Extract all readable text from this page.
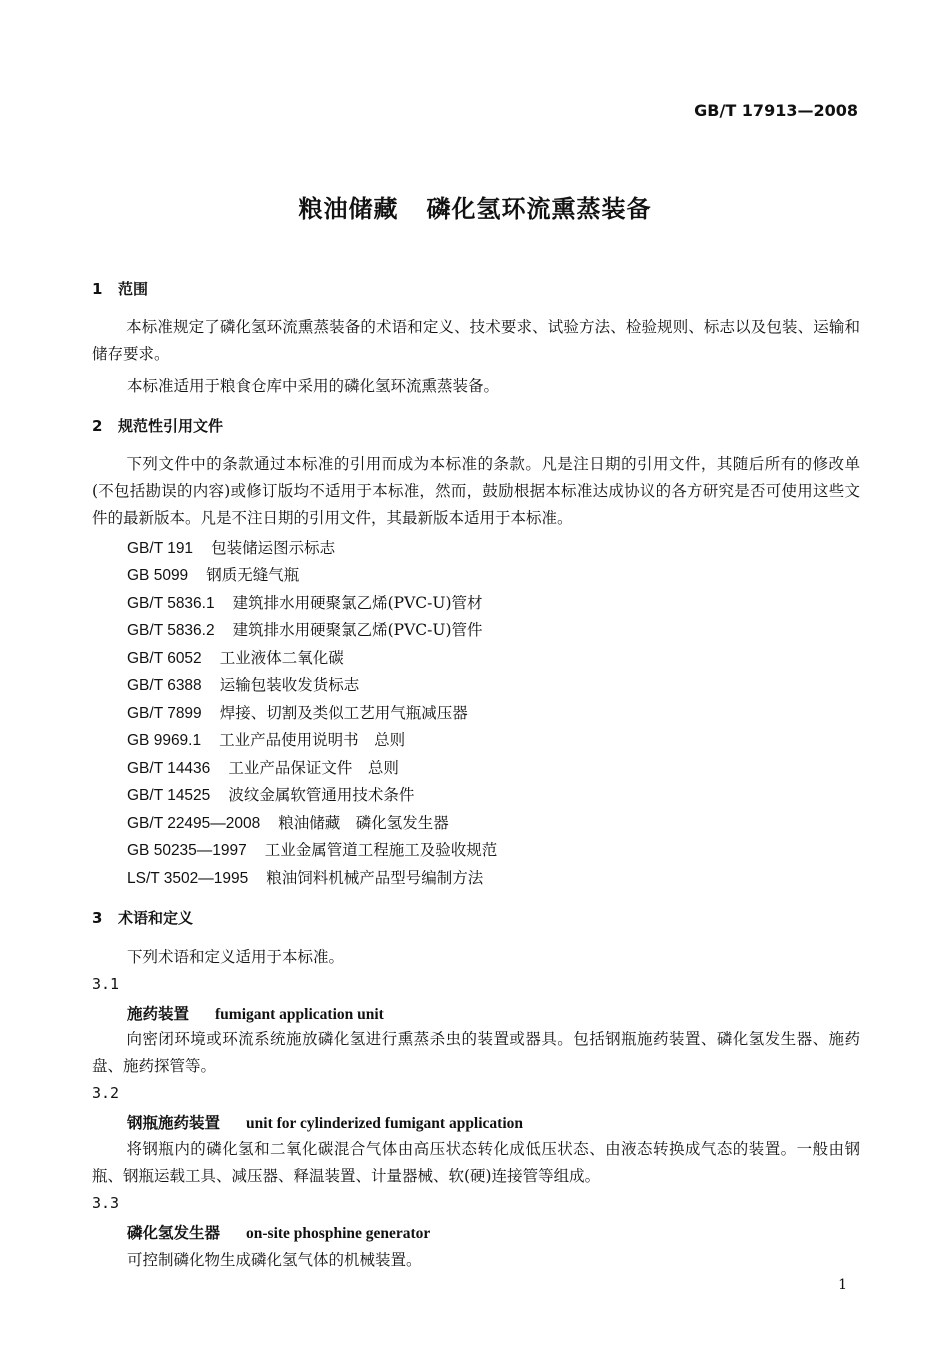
GB/T 17913—2008
粮油储藏 磷化氢环流熏蒸装备
1 范围
本标准规定了磷化氢环流熏蒸装备的术语和定义、技术要求、试验方法、检验规则、标志以及包装、运输和储存要求。
本标准适用于粮食仓库中采用的磷化氢环流熏蒸装备。
2 规范性引用文件
下列文件中的条款通过本标准的引用而成为本标准的条款。凡是注日期的引用文件，其随后所有的修改单(不包括勘误的内容)或修订版均不适用于本标准，然而，鼓励根据本标准达成协议的各方研究是否可使用这些文件的最新版本。凡是不注日期的引用文件，其最新版本适用于本标准。
GB/T 191 包装储运图示标志
GB 5099 钢质无缝气瓶
GB/T 5836.1 建筑排水用硬聚氯乙烯(PVC-U)管材
GB/T 5836.2 建筑排水用硬聚氯乙烯(PVC-U)管件
GB/T 6052 工业液体二氧化碳
GB/T 6388 运输包装收发货标志
GB/T 7899 焊接、切割及类似工艺用气瓶减压器
GB 9969.1 工业产品使用说明书　总则
GB/T 14436 工业产品保证文件　总则
GB/T 14525 波纹金属软管通用技术条件
GB/T 22495—2008 粮油储藏　磷化氢发生器
GB 50235—1997 工业金属管道工程施工及验收规范
LS/T 3502—1995 粮油饲料机械产品型号编制方法
3 术语和定义
下列术语和定义适用于本标准。
3.1
施药装置 fumigant application unit
向密闭环境或环流系统施放磷化氢进行熏蒸杀虫的装置或器具。包括钢瓶施药装置、磷化氢发生器、施药盘、施药探管等。
3.2
钢瓶施药装置 unit for cylinderized fumigant application
将钢瓶内的磷化氢和二氧化碳混合气体由高压状态转化成低压状态、由液态转换成气态的装置。一般由钢瓶、钢瓶运载工具、减压器、释温装置、计量器械、软(硬)连接管等组成。
3.3
磷化氢发生器 on-site phosphine generator
可控制磷化物生成磷化氢气体的机械装置。
1
